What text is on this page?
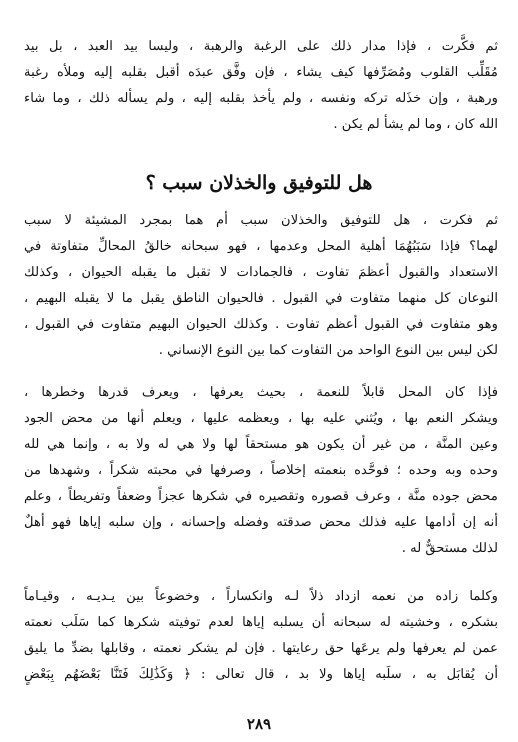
ثم فكَّرت ، فإذا مدار ذلك على الرغبة والرهبة ، وليسا بيد العبد ، بل بيد
مُقَلِّب القلوب ومُصَرِّفها كيف يشاء ، فإن وفَّق عبدَه أقبل بقلبه إليه وملأه رغبة
ورهبة ، وإن خذَله تركه ونفسه ، ولم يأخذ بقلبه إليه ، ولم يسأله ذلك ، وما شاء
الله كان ، وما لم يشأ لم يكن .
هل للتوفيق والخذلان سبب ؟
ثم فكرت ، هل للتوفيق والخذلان سبب أم هما بمجرد المشيئة لا سبب
لهما؟ فإذا سَبَبُهُمَا أهلية المحل وعدمها ، فهو سبحانه خالقُ المحالِّ متفاوتة في
الاستعداد والقبول أعظمَ تفاوت ، فالجمادات لا تقبل ما يقبله الحيوان ، وكذلك
النوعان كل منهما متفاوت في القبول . فالحيوان الناطق يقبل ما لا يقبله البهيم ،
وهو متفاوت في القبول أعظم تفاوت . وكذلك الحيوان البهيم متفاوت في القبول ،
لكن ليس بين النوع الواحد من التفاوت كما بين النوع الإنساني .
فإذا كان المحل قابلاً للنعمة ، بحيث يعرفها ، ويعرف قدرها وخطرها ،
ويشكر النعم بها ، ويُثني عليه بها ، ويعظمه عليها ، ويعلم أنها من محض الجود
وعين المنَّة ، من غير أن يكون هو مستحقاً لها ولا هي له ولا به ، وإنما هي لله
وحده وبه وحده ؛ فوحَّده بنعمته إخلاصاً ، وصرفها في محبته شكراً ، وشهدها من
محض جوده منَّة ، وعرف قصوره وتقصيره في شكرها عجزاً وضعفاً وتفريطاً ، وعلم
أنه إن أدامها عليه فذلك محض صدقته وفضله وإحسانه ، وإن سلبه إياها فهو أهلٌ
لذلك مستحقٌّ له .
وكلما زاده من نعمه ازداد ذلاً لـه وانكساراً ، وخضوعاً بين يـديـه ، وقيـاماً
بشكره ، وخشيته له سبحانه أن يسلبه إياها لعدم توفيته شكرها كما سَلَب نعمته
عمن لم يعرفها ولم يرعَها حق رعايتها . فإن لم يشكر نعمته ، وقابلها بضدِّ ما يليق
أن يُقابَل به ، سلَبه إياها ولا بد ، قال تعالى : ﴿ وَكَذَٰلِكَ فَتَنَّا بَعْضَهُم بِبَعْضٍ
٢٨٩
